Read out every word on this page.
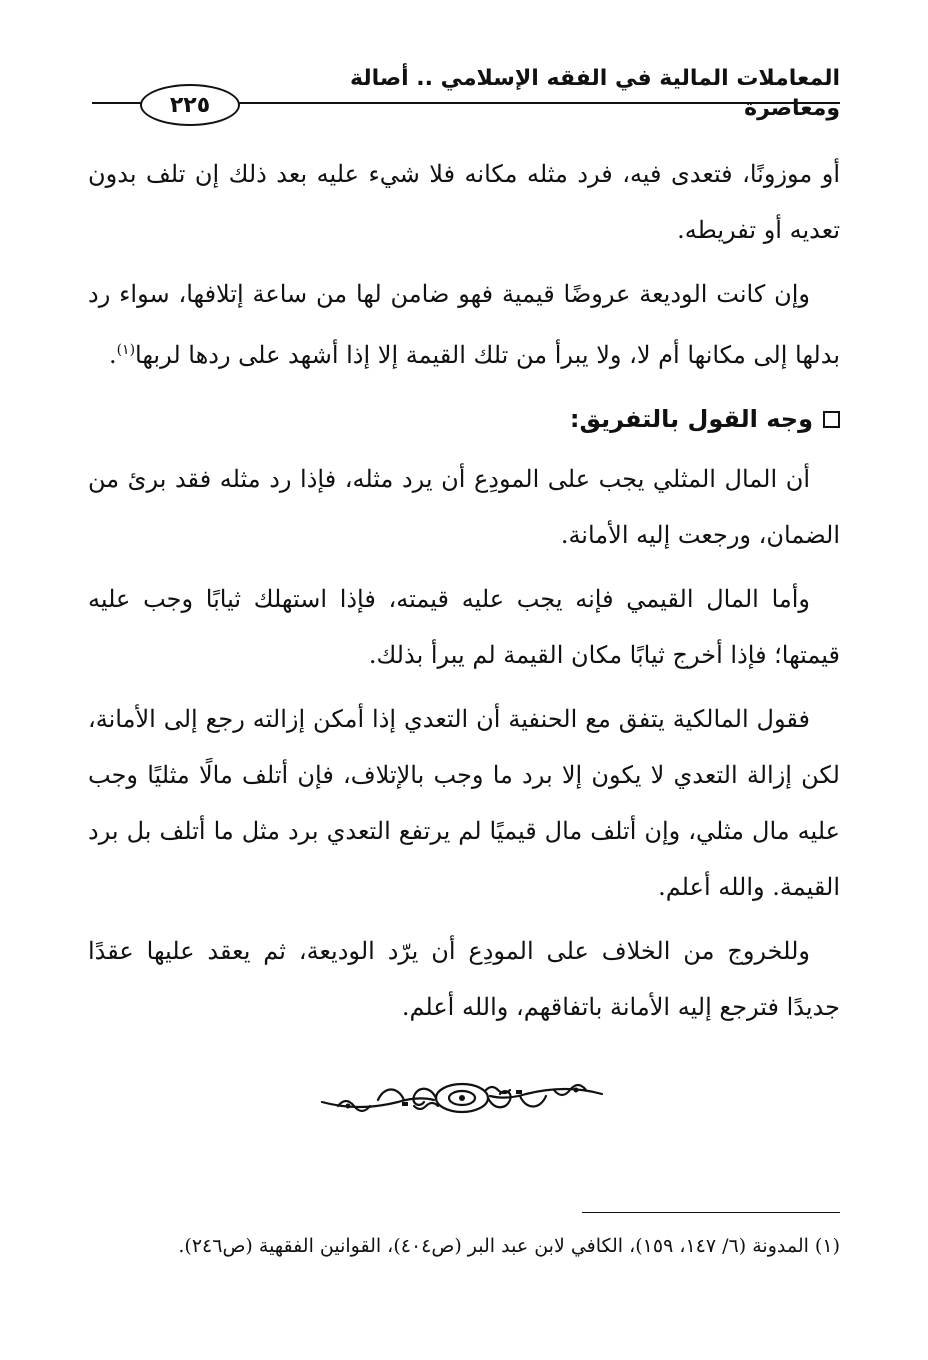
المعاملات المالية في الفقه الإسلامي .. أصالة ومعاصرة
٢٢٥

أو موزونًا، فتعدى فيه، فرد مثله مكانه فلا شيء عليه بعد ذلك إن تلف بدون تعديه أو تفريطه.

وإن كانت الوديعة عروضًا قيمية فهو ضامن لها من ساعة إتلافها، سواء رد بدلها إلى مكانها أم لا، ولا يبرأ من تلك القيمة إلا إذا أشهد على ردها لربها$^{(١)}$.

وجه القول بالتفريق:

أن المال المثلي يجب على المودِع أن يرد مثله، فإذا رد مثله فقد برئ من الضمان، ورجعت إليه الأمانة.

وأما المال القيمي فإنه يجب عليه قيمته، فإذا استهلك ثيابًا وجب عليه قيمتها؛ فإذا أخرج ثيابًا مكان القيمة لم يبرأ بذلك.

فقول المالكية يتفق مع الحنفية أن التعدي إذا أمكن إزالته رجع إلى الأمانة، لكن إزالة التعدي لا يكون إلا برد ما وجب بالإتلاف، فإن أتلف مالًا مثليًا وجب عليه مال مثلي، وإن أتلف مال قيميًا لم يرتفع التعدي برد مثل ما أتلف بل برد القيمة. والله أعلم.

وللخروج من الخلاف على المودِع أن يرّد الوديعة، ثم يعقد عليها عقدًا جديدًا فترجع إليه الأمانة باتفاقهم، والله أعلم.

(١) المدونة (٦/ ١٤٧، ١٥٩)، الكافي لابن عبد البر (ص٤٠٤)، القوانين الفقهية (ص٢٤٦).
